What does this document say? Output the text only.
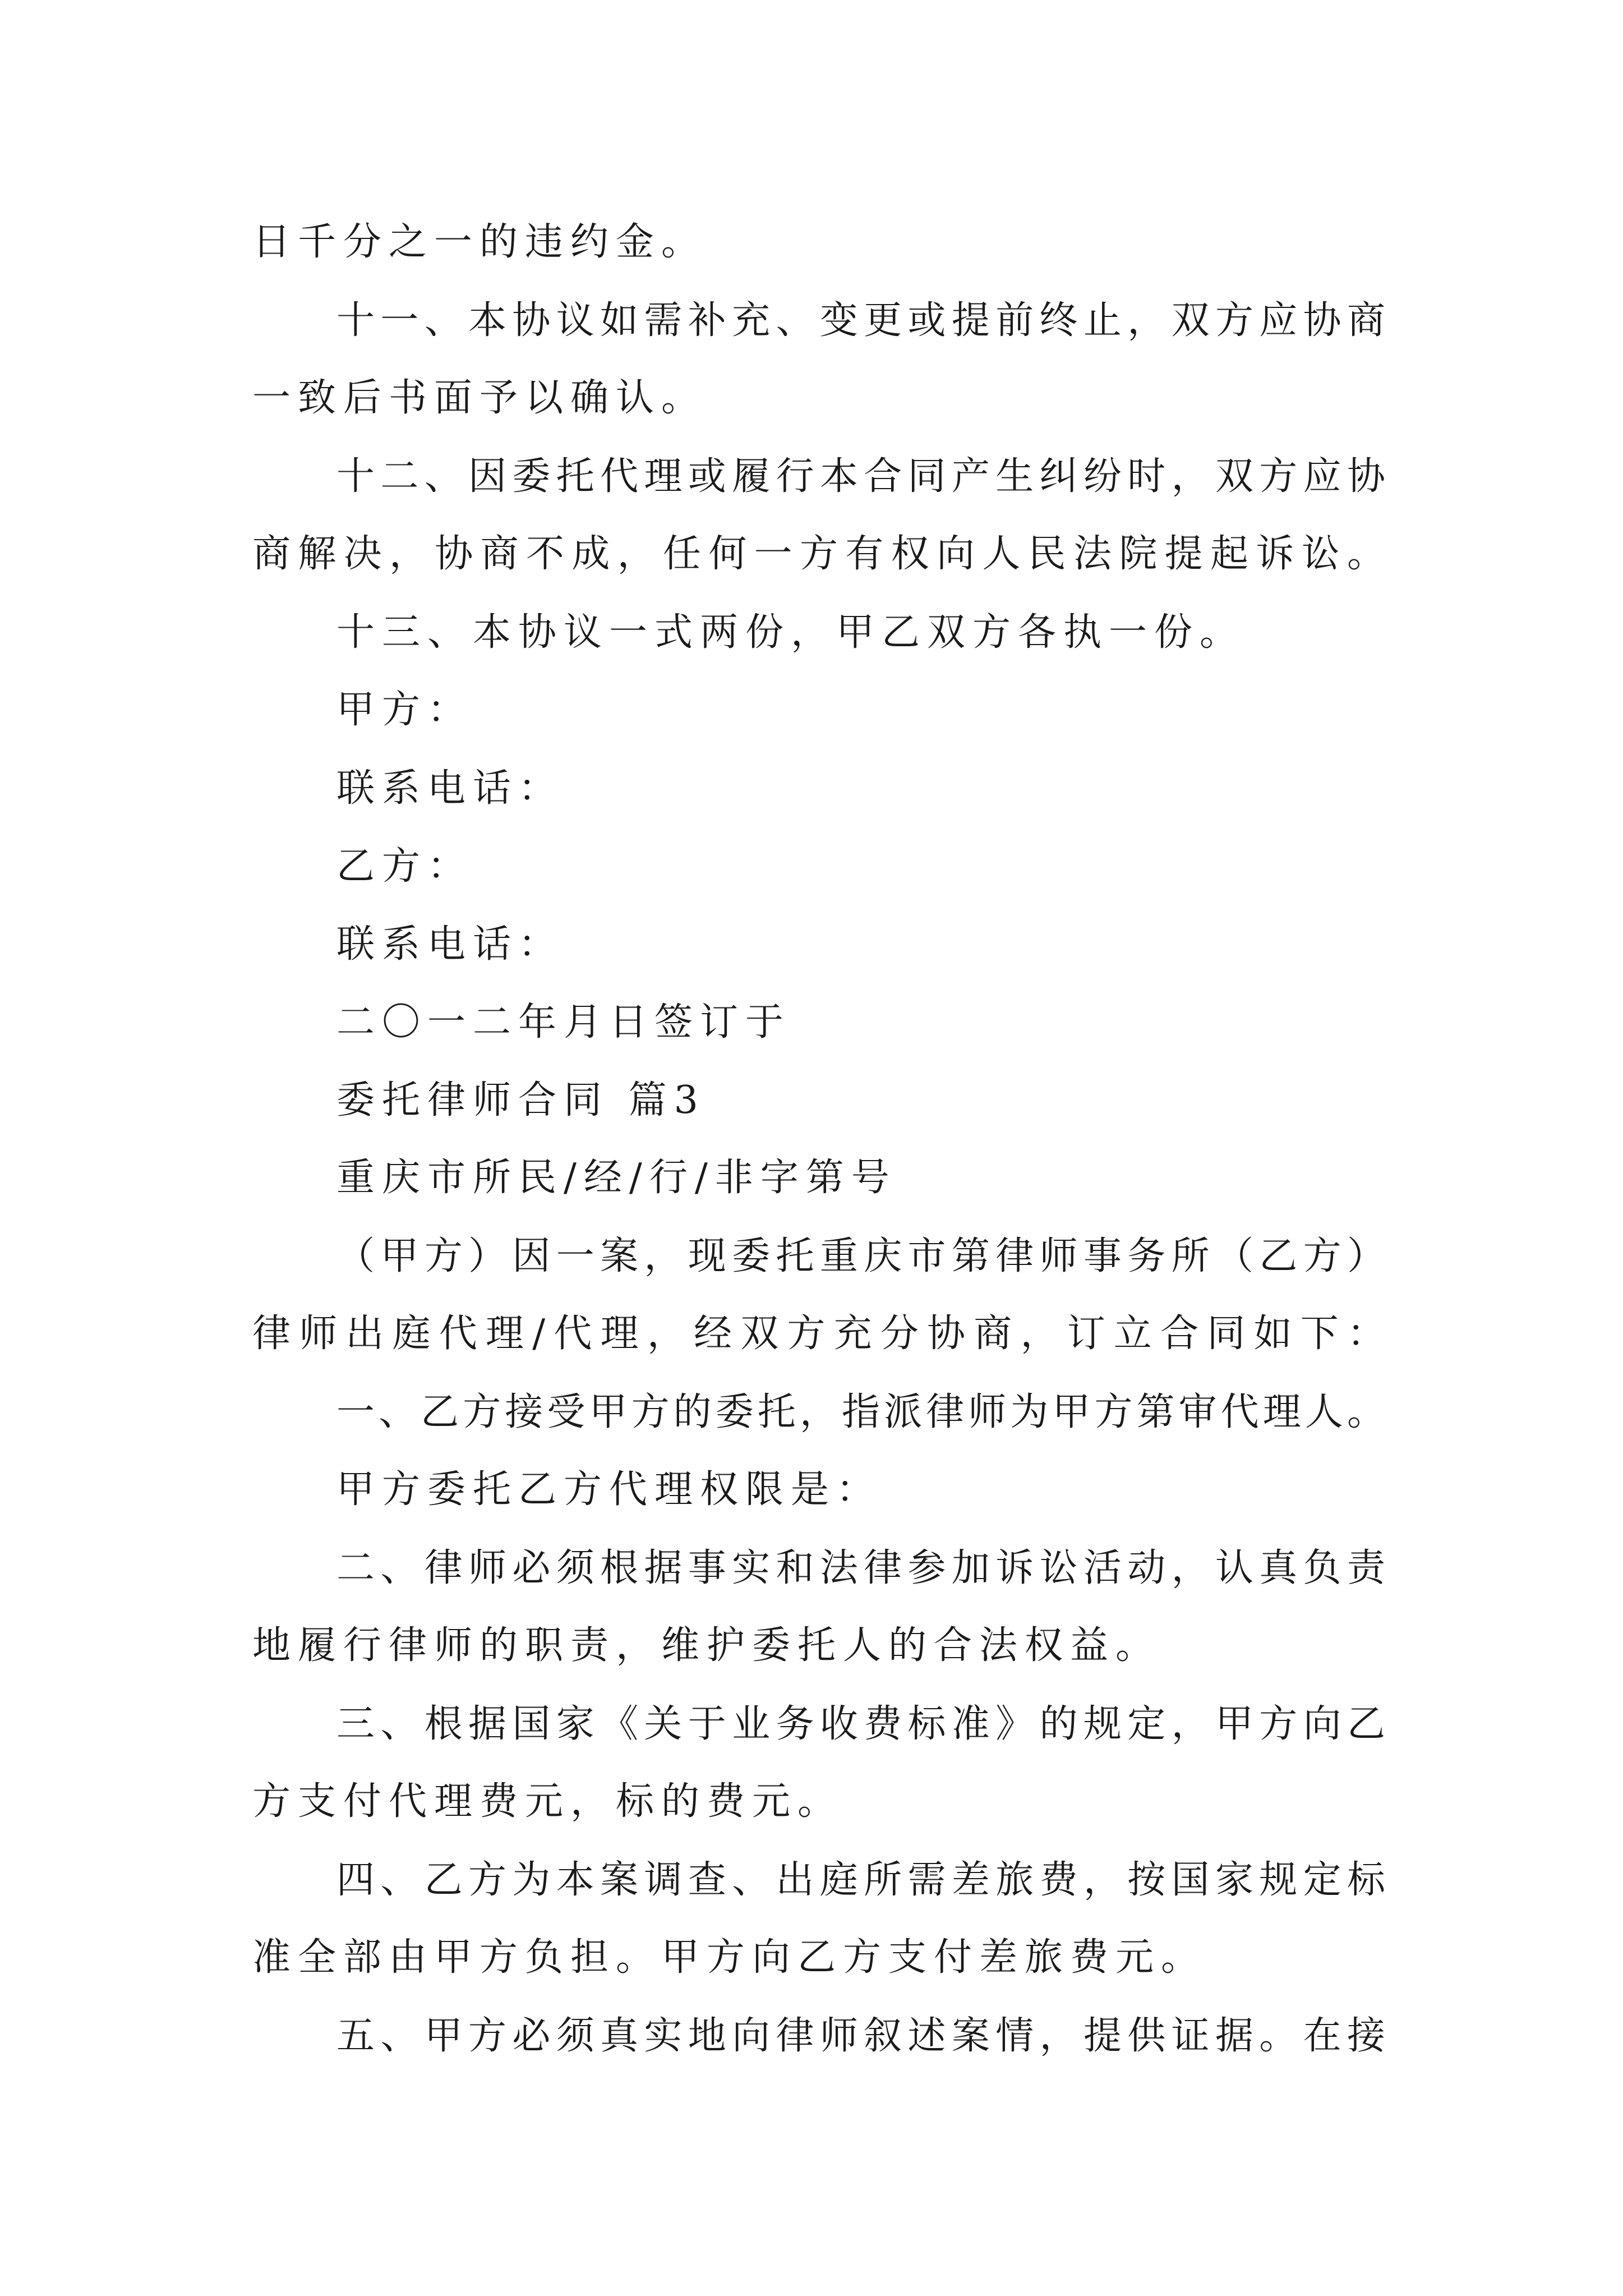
日千分之一的违约金。
十一、本协议如需补充、变更或提前终止，双方应协商
一致后书面予以确认。
十二、因委托代理或履行本合同产生纠纷时，双方应协
商解决，协商不成，任何一方有权向人民法院提起诉讼。
十三、本协议一式两份，甲乙双方各执一份。
甲方：
联系电话：
乙方：
联系电话：
二〇一二年月日签订于
委托律师合同 篇3
重庆市所民/经/行/非字第号
（甲方）因一案，现委托重庆市第律师事务所（乙方）
律师出庭代理/代理，经双方充分协商，订立合同如下：
一、乙方接受甲方的委托，指派律师为甲方第审代理人。
甲方委托乙方代理权限是：
二、律师必须根据事实和法律参加诉讼活动，认真负责
地履行律师的职责，维护委托人的合法权益。
三、根据国家《关于业务收费标准》的规定，甲方向乙
方支付代理费元，标的费元。
四、乙方为本案调查、出庭所需差旅费，按国家规定标
准全部由甲方负担。甲方向乙方支付差旅费元。
五、甲方必须真实地向律师叙述案情，提供证据。在接
